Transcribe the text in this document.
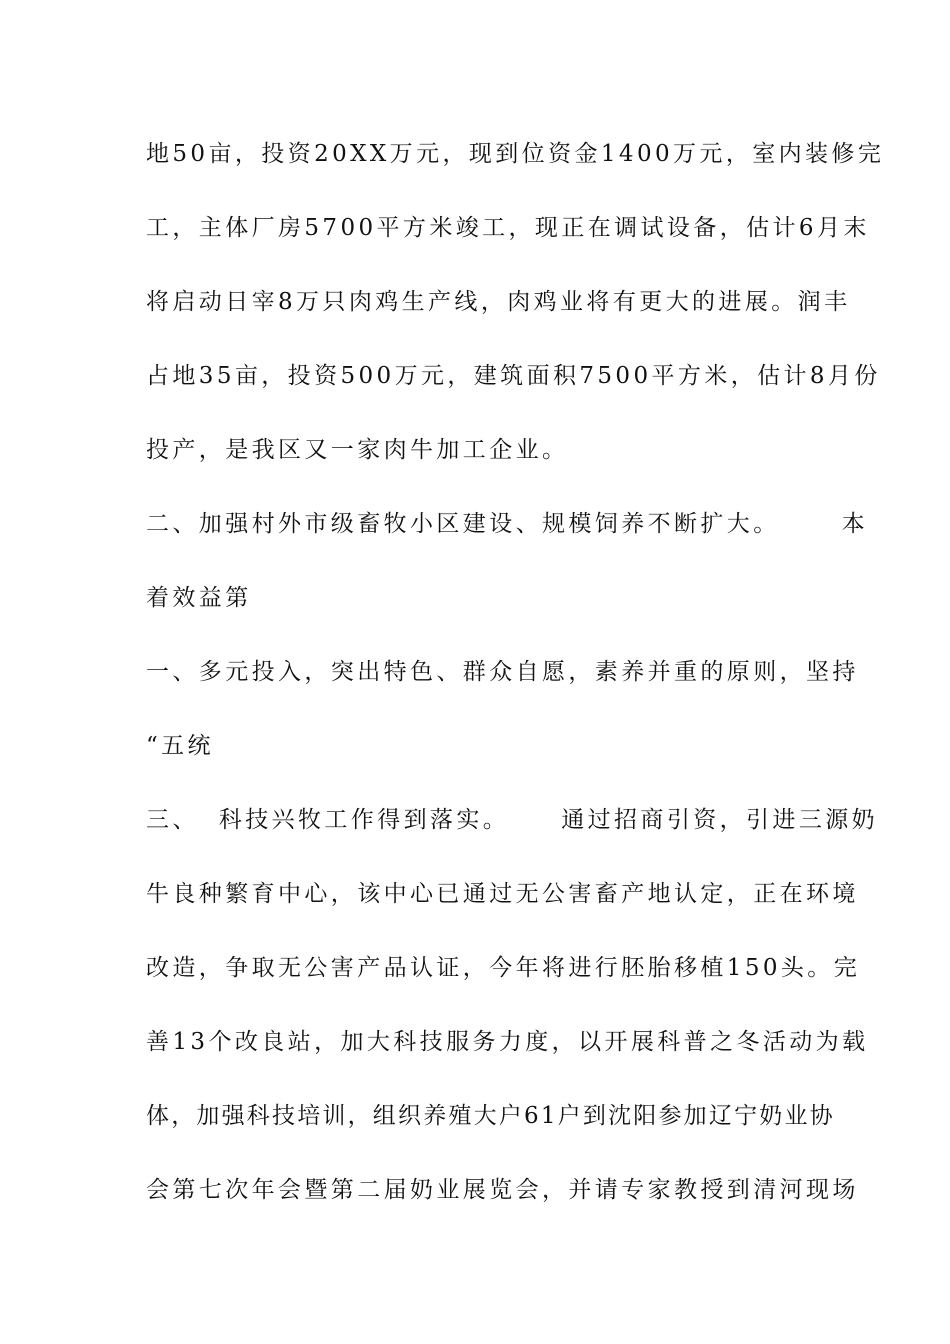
地50亩，投资20XX万元，现到位资金1400万元，室内装修完
工，主体厂房5700平方米竣工，现正在调试设备，估计6月末
将启动日宰8万只肉鸡生产线，肉鸡业将有更大的进展。润丰
占地35亩，投资500万元，建筑面积7500平方米，估计8月份
投产，是我区又一家肉牛加工企业。
二、加强村外市级畜牧小区建设、规模饲养不断扩大。	本
着效益第
一、多元投入，突出特色、群众自愿，素养并重的原则，坚持
“五统
三、 科技兴牧工作得到落实。 通过招商引资，引进三源奶
牛良种繁育中心，该中心已通过无公害畜产地认定，正在环境
改造，争取无公害产品认证，今年将进行胚胎移植150头。完
善13个改良站，加大科技服务力度，以开展科普之冬活动为载
体，加强科技培训，组织养殖大户61户到沈阳参加辽宁奶业协
会第七次年会暨第二届奶业展览会，并请专家教授到清河现场
